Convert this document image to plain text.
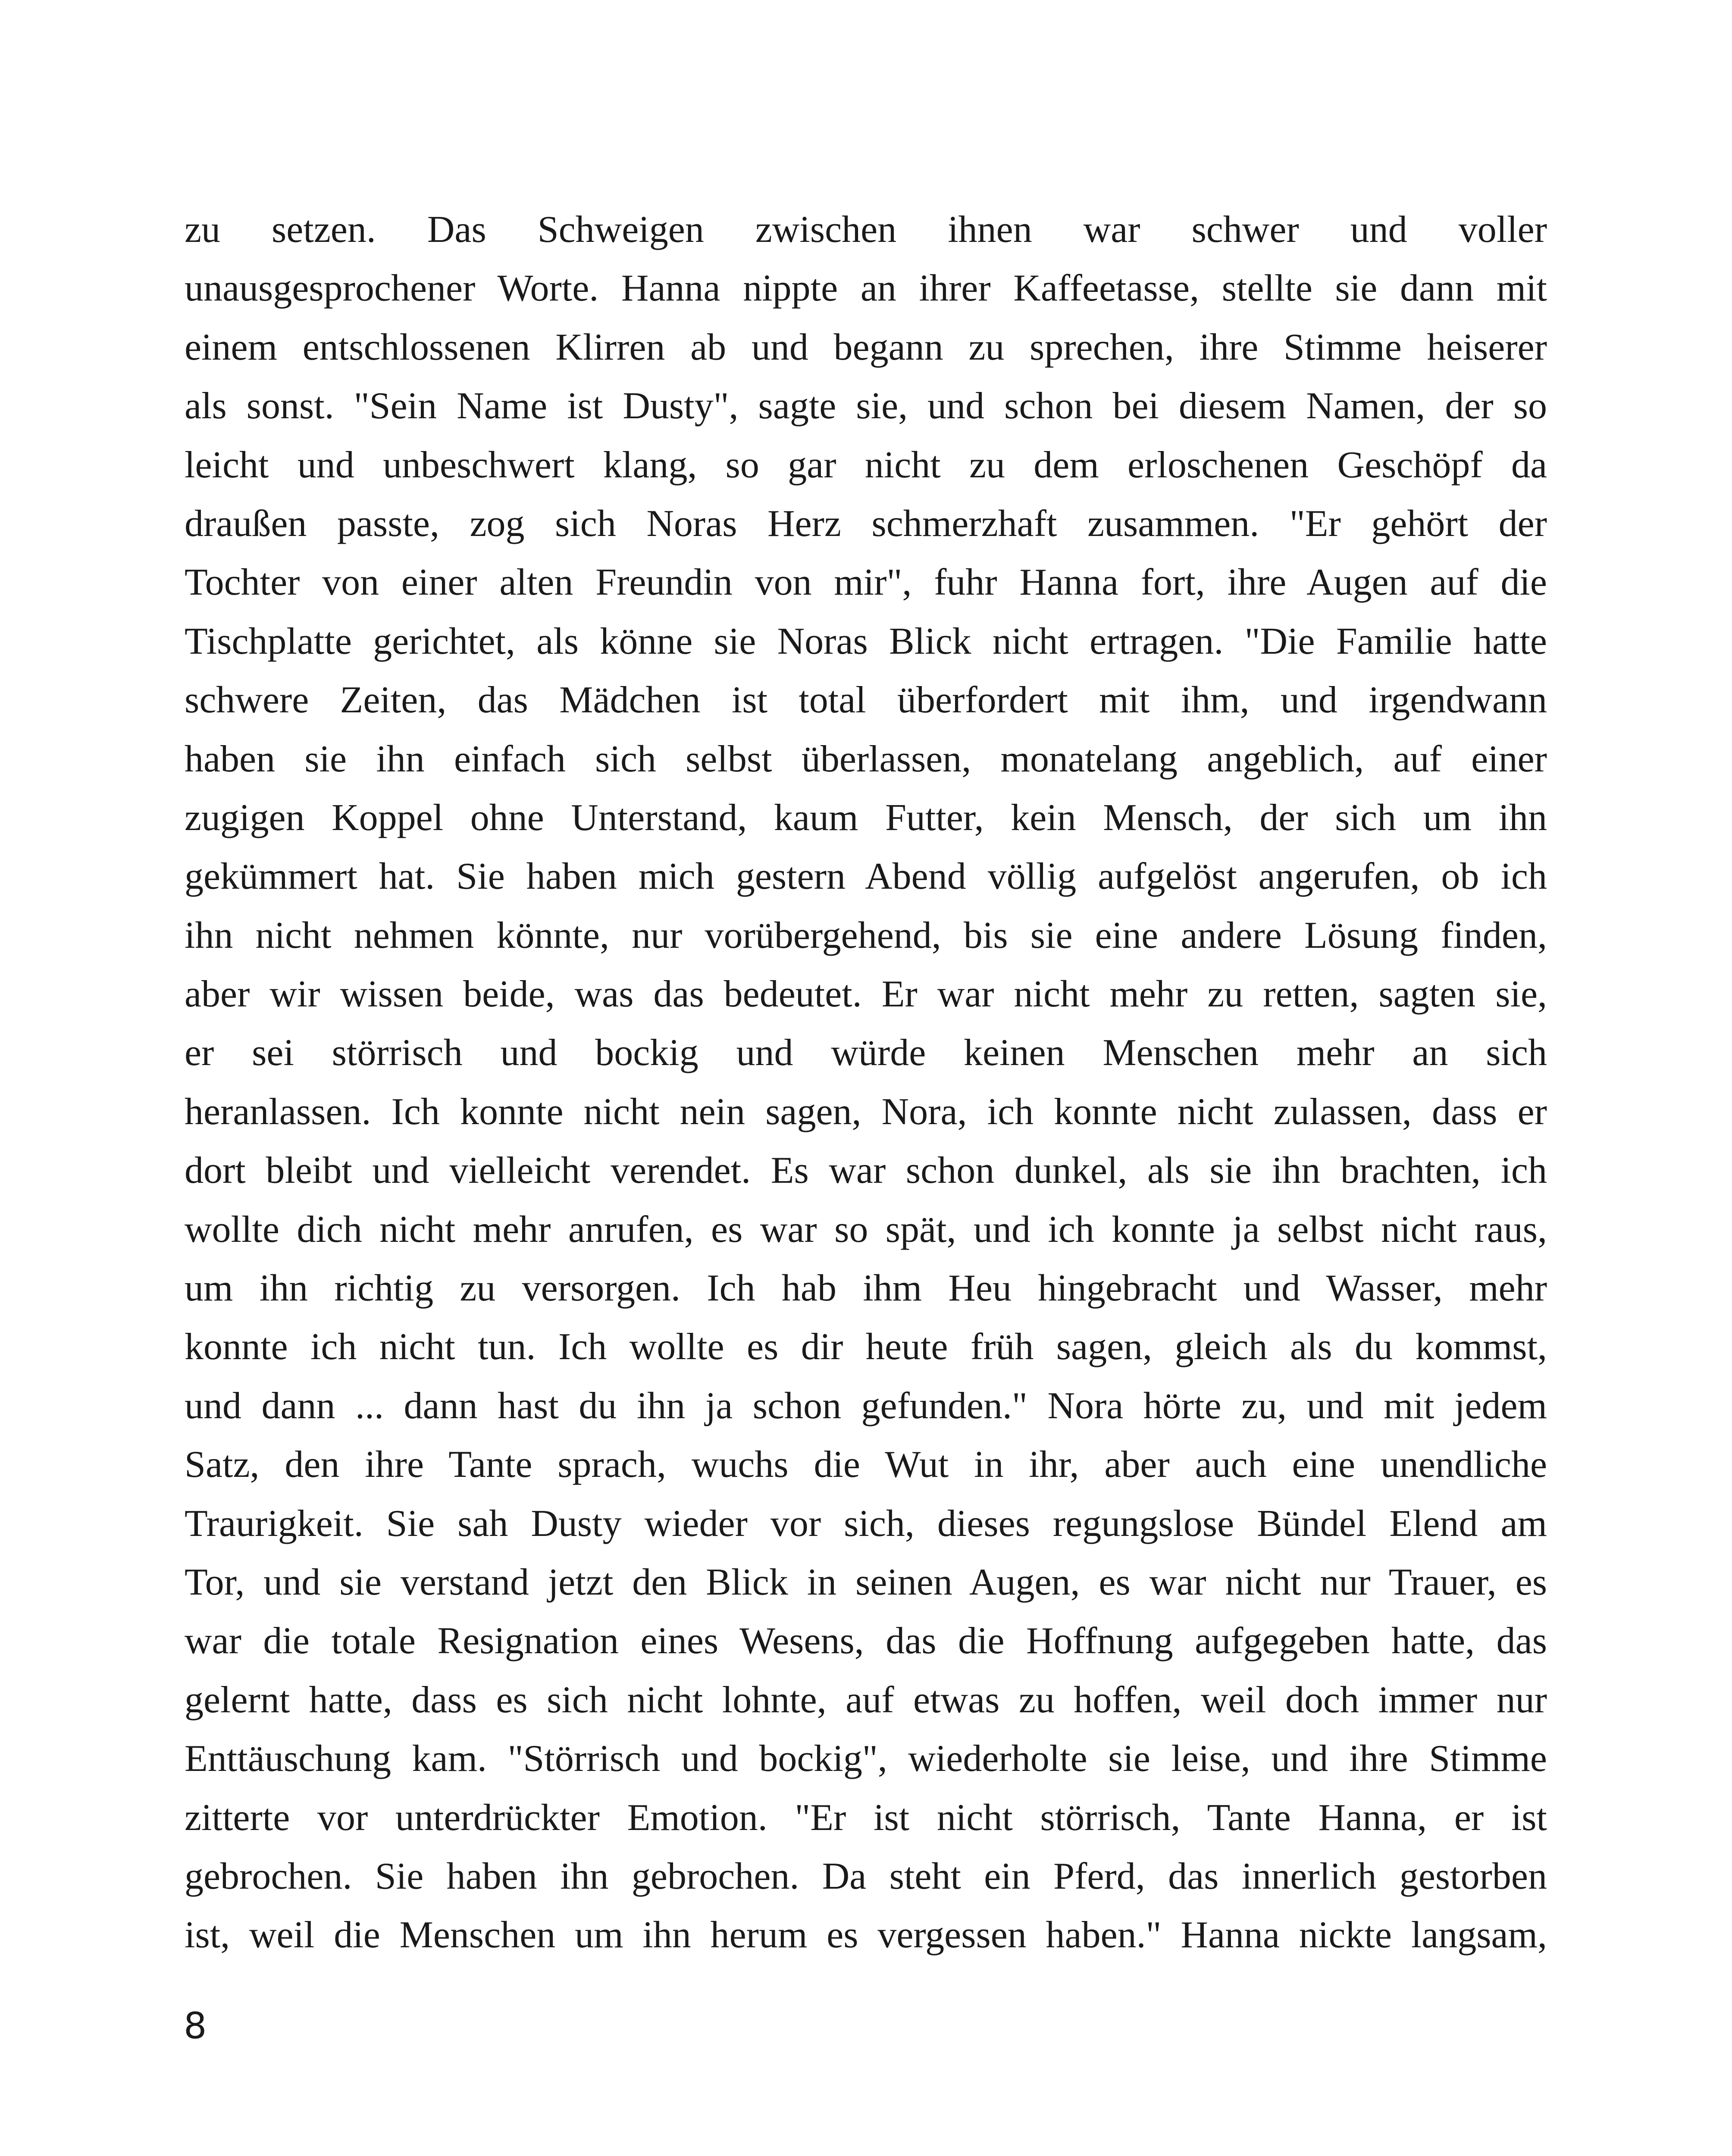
zu setzen. Das Schweigen zwischen ihnen war schwer und voller
unausgesprochener Worte. Hanna nippte an ihrer Kaffeetasse, stellte sie dann mit
einem entschlossenen Klirren ab und begann zu sprechen, ihre Stimme heiserer
als sonst. "Sein Name ist Dusty", sagte sie, und schon bei diesem Namen, der so
leicht und unbeschwert klang, so gar nicht zu dem erloschenen Geschöpf da
draußen passte, zog sich Noras Herz schmerzhaft zusammen. "Er gehört der
Tochter von einer alten Freundin von mir", fuhr Hanna fort, ihre Augen auf die
Tischplatte gerichtet, als könne sie Noras Blick nicht ertragen. "Die Familie hatte
schwere Zeiten, das Mädchen ist total überfordert mit ihm, und irgendwann
haben sie ihn einfach sich selbst überlassen, monatelang angeblich, auf einer
zugigen Koppel ohne Unterstand, kaum Futter, kein Mensch, der sich um ihn
gekümmert hat. Sie haben mich gestern Abend völlig aufgelöst angerufen, ob ich
ihn nicht nehmen könnte, nur vorübergehend, bis sie eine andere Lösung finden,
aber wir wissen beide, was das bedeutet. Er war nicht mehr zu retten, sagten sie,
er sei störrisch und bockig und würde keinen Menschen mehr an sich
heranlassen. Ich konnte nicht nein sagen, Nora, ich konnte nicht zulassen, dass er
dort bleibt und vielleicht verendet. Es war schon dunkel, als sie ihn brachten, ich
wollte dich nicht mehr anrufen, es war so spät, und ich konnte ja selbst nicht raus,
um ihn richtig zu versorgen. Ich hab ihm Heu hingebracht und Wasser, mehr
konnte ich nicht tun. Ich wollte es dir heute früh sagen, gleich als du kommst,
und dann ... dann hast du ihn ja schon gefunden." Nora hörte zu, und mit jedem
Satz, den ihre Tante sprach, wuchs die Wut in ihr, aber auch eine unendliche
Traurigkeit. Sie sah Dusty wieder vor sich, dieses regungslose Bündel Elend am
Tor, und sie verstand jetzt den Blick in seinen Augen, es war nicht nur Trauer, es
war die totale Resignation eines Wesens, das die Hoffnung aufgegeben hatte, das
gelernt hatte, dass es sich nicht lohnte, auf etwas zu hoffen, weil doch immer nur
Enttäuschung kam. "Störrisch und bockig", wiederholte sie leise, und ihre Stimme
zitterte vor unterdrückter Emotion. "Er ist nicht störrisch, Tante Hanna, er ist
gebrochen. Sie haben ihn gebrochen. Da steht ein Pferd, das innerlich gestorben
ist, weil die Menschen um ihn herum es vergessen haben." Hanna nickte langsam,
8
